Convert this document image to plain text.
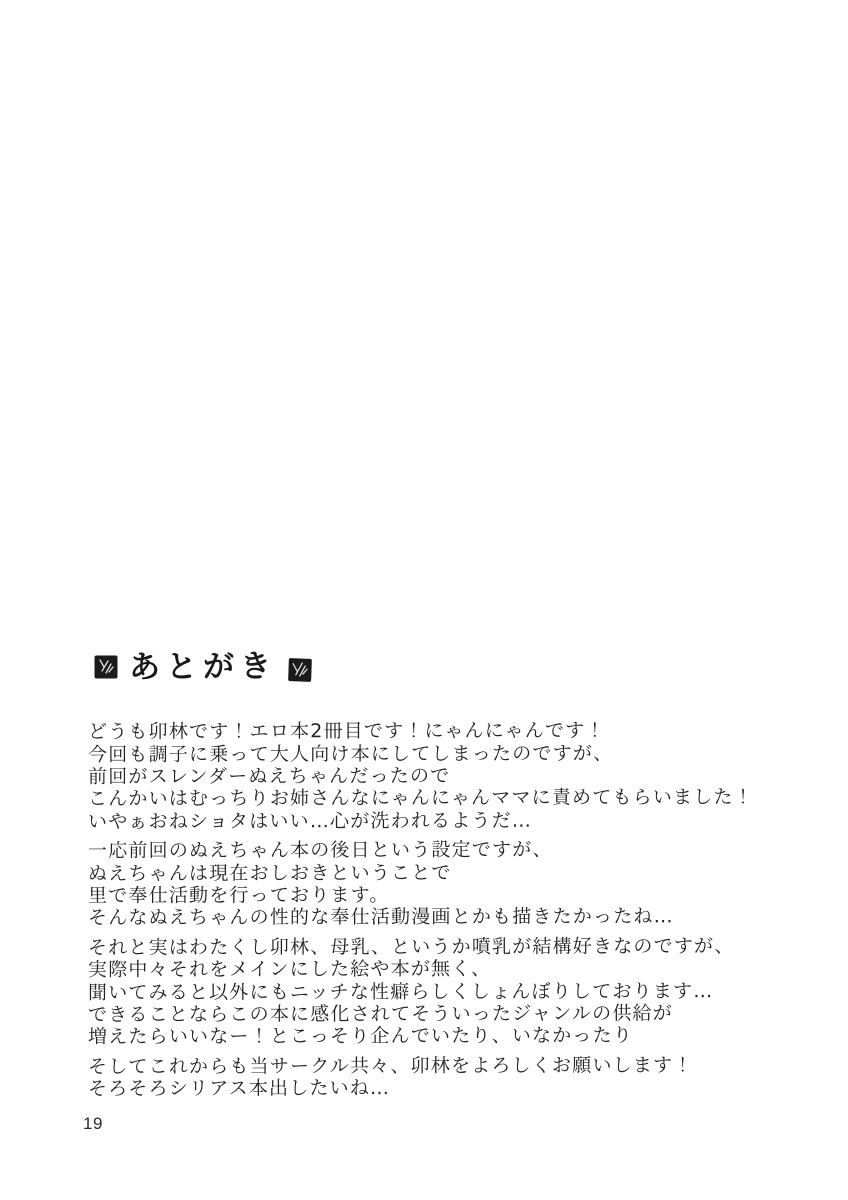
あとがき
どうも卯林です！エロ本2冊目です！にゃんにゃんです！
今回も調子に乗って大人向け本にしてしまったのですが、
前回がスレンダーぬえちゃんだったので
こんかいはむっちりお姉さんなにゃんにゃんママに責めてもらいました！
いやぁおねショタはいい…心が洗われるようだ…
一応前回のぬえちゃん本の後日という設定ですが、
ぬえちゃんは現在おしおきということで
里で奉仕活動を行っております。
そんなぬえちゃんの性的な奉仕活動漫画とかも描きたかったね…
それと実はわたくし卯林、母乳、というか噴乳が結構好きなのですが、
実際中々それをメインにした絵や本が無く、
聞いてみると以外にもニッチな性癖らしくしょんぼりしております…
できることならこの本に感化されてそういったジャンルの供給が
増えたらいいなー！とこっそり企んでいたり、いなかったり
そしてこれからも当サークル共々、卯林をよろしくお願いします！
そろそろシリアス本出したいね…
19
